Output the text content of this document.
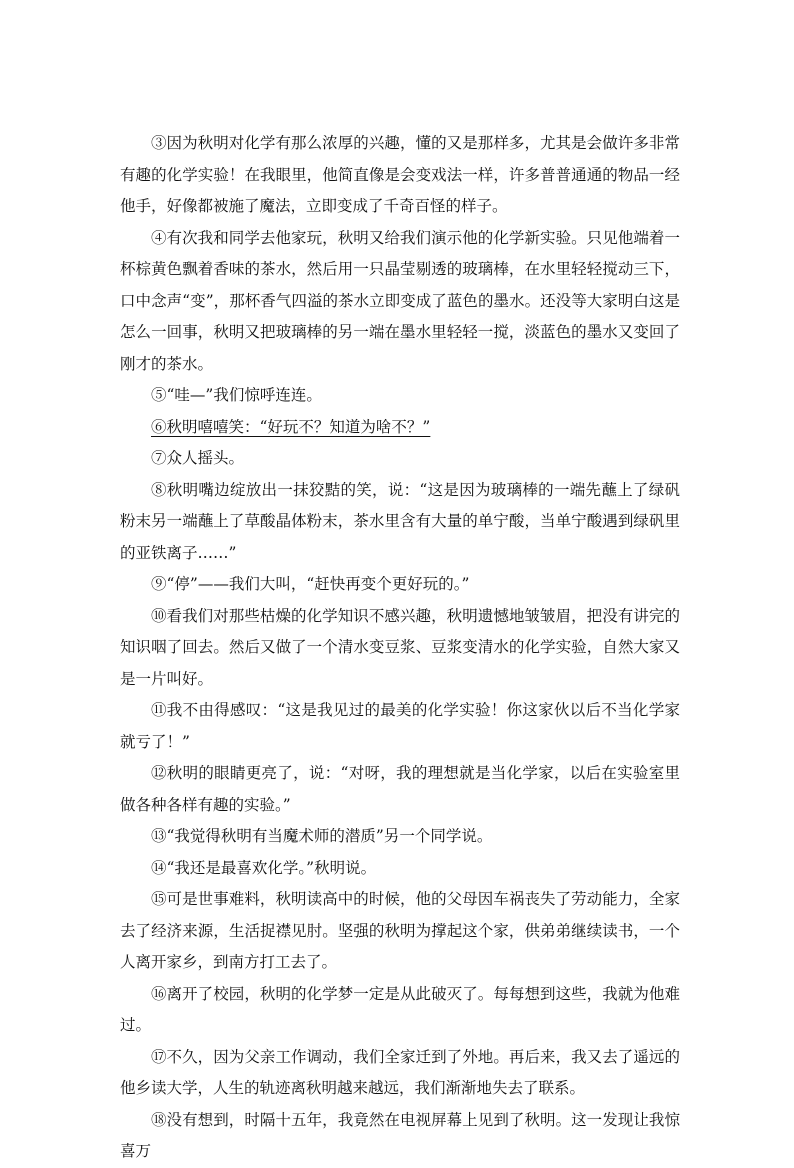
③因为秋明对化学有那么浓厚的兴趣，懂的又是那样多，尤其是会做许多非常有趣的化学实验！在我眼里，他简直像是会变戏法一样，许多普普通通的物品一经他手，好像都被施了魔法，立即变成了千奇百怪的样子。

④有次我和同学去他家玩，秋明又给我们演示他的化学新实验。只见他端着一杯棕黄色飘着香味的茶水，然后用一只晶莹剔透的玻璃棒，在水里轻轻搅动三下，口中念声“变”，那杯香气四溢的茶水立即变成了蓝色的墨水。还没等大家明白这是怎么一回事，秋明又把玻璃棒的另一端在墨水里轻轻一搅，淡蓝色的墨水又变回了刚才的茶水。

⑤“哇—”我们惊呼连连。

⑥秋明嘻嘻笑：“好玩不？知道为啥不？”

⑦众人摇头。

⑧秋明嘴边绽放出一抹狡黠的笑，说：“这是因为玻璃棒的一端先蘸上了绿矾粉末另一端蘸上了草酸晶体粉末，茶水里含有大量的单宁酸，当单宁酸遇到绿矾里的亚铁离子……”

⑨“停”——我们大叫，“赶快再变个更好玩的。”

⑩看我们对那些枯燥的化学知识不感兴趣，秋明遗憾地皱皱眉，把没有讲完的知识咽了回去。然后又做了一个清水变豆浆、豆浆变清水的化学实验，自然大家又是一片叫好。

⑪我不由得感叹：“这是我见过的最美的化学实验！你这家伙以后不当化学家就亏了！”

⑫秋明的眼睛更亮了，说：“对呀，我的理想就是当化学家，以后在实验室里做各种各样有趣的实验。”

⑬“我觉得秋明有当魔术师的潜质”另一个同学说。

⑭“我还是最喜欢化学。”秋明说。

⑮可是世事难料，秋明读高中的时候，他的父母因车祸丧失了劳动能力，全家去了经济来源，生活捉襟见肘。坚强的秋明为撑起这个家，供弟弟继续读书，一个人离开家乡，到南方打工去了。

⑯离开了校园，秋明的化学梦一定是从此破灭了。每每想到这些，我就为他难过。

⑰不久，因为父亲工作调动，我们全家迁到了外地。再后来，我又去了遥远的他乡读大学，人生的轨迹离秋明越来越远，我们渐渐地失去了联系。

⑱没有想到，时隔十五年，我竟然在电视屏幕上见到了秋明。这一发现让我惊喜万
